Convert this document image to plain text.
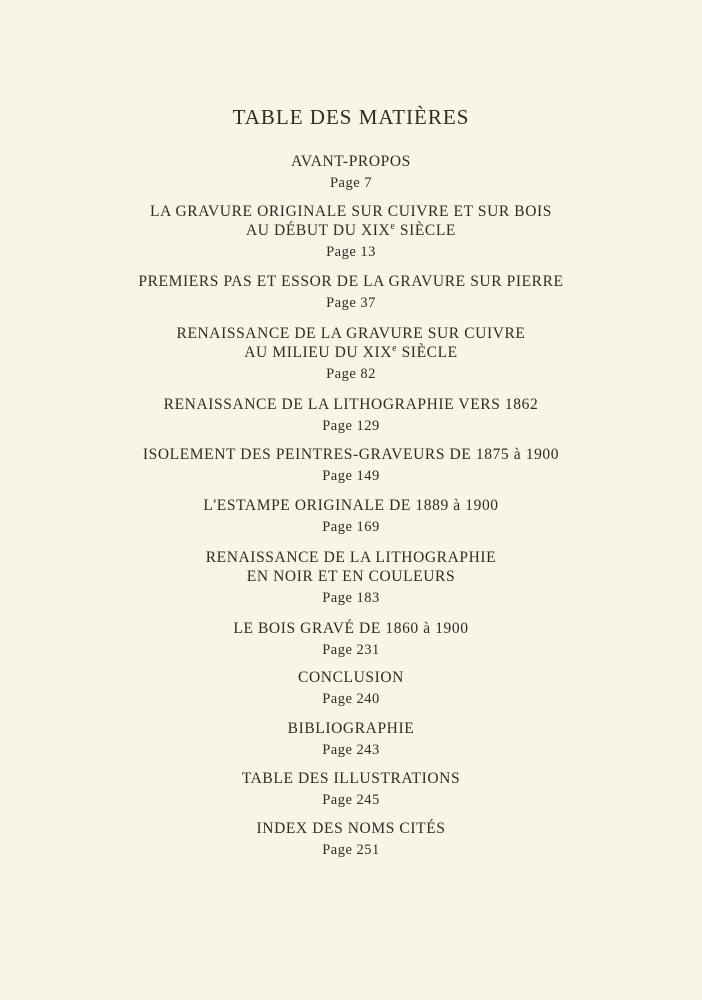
TABLE DES MATIÈRES
AVANT-PROPOS
Page 7
LA GRAVURE ORIGINALE SUR CUIVRE ET SUR BOIS
AU DÉBUT DU XIXe SIÈCLE
Page 13
PREMIERS PAS ET ESSOR DE LA GRAVURE SUR PIERRE
Page 37
RENAISSANCE DE LA GRAVURE SUR CUIVRE
AU MILIEU DU XIXe SIÈCLE
Page 82
RENAISSANCE DE LA LITHOGRAPHIE VERS 1862
Page 129
ISOLEMENT DES PEINTRES-GRAVEURS DE 1875 à 1900
Page 149
L'ESTAMPE ORIGINALE DE 1889 à 1900
Page 169
RENAISSANCE DE LA LITHOGRAPHIE
EN NOIR ET EN COULEURS
Page 183
LE BOIS GRAVÉ DE 1860 à 1900
Page 231
CONCLUSION
Page 240
BIBLIOGRAPHIE
Page 243
TABLE DES ILLUSTRATIONS
Page 245
INDEX DES NOMS CITÉS
Page 251
